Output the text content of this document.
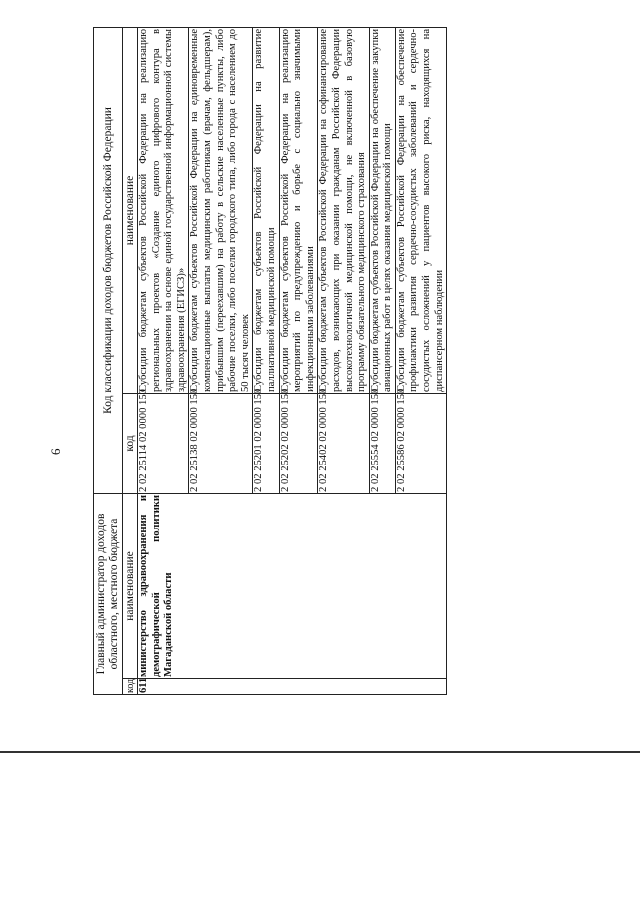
6
Главный администратор доходов областного, местного бюджета		Код классификации доходов бюджетов Российской Федерации	
код	наименование	код	наименование
611	министерство здравоохранения и демографической политики Магаданской области	2 02 25114 02 0000 150	Субсидии бюджетам субъектов Российской Федерации на реализацию региональных проектов «Создание единого цифрового контура в здравоохранении на основе единой государственной информационной системы здравоохранения (ЕГИСЗ)»
		2 02 25138 02 0000 150	Субсидии бюджетам субъектов Российской Федерации на единовременные компенсационные выплаты медицинским работникам (врачам, фельдшерам), прибывшим (переехавшим) на работу в сельские населенные пункты, либо рабочие поселки, либо поселки городского типа, либо города с населением до 50 тысяч человек
		2 02 25201 02 0000 150	Субсидии бюджетам субъектов Российской Федерации на развитие паллиативной медицинской помощи
		2 02 25202 02 0000 150	Субсидии бюджетам субъектов Российской Федерации на реализацию мероприятий по предупреждению и борьбе с социально значимыми инфекционными заболеваниями
		2 02 25402 02 0000 150	Субсидии бюджетам субъектов Российской Федерации на софинансирование расходов, возникающих при оказании гражданам Российской Федерации высокотехнологичной медицинской помощи, не включенной в базовую программу обязательного медицинского страхования
		2 02 25554 02 0000 150	Субсидии бюджетам субъектов Российской Федерации на обеспечение закупки авиационных работ в целях оказания медицинской помощи
		2 02 25586 02 0000 150	Субсидии бюджетам субъектов Российской Федерации на обеспечение профилактики развития сердечно-сосудистых заболеваний и сердечно-сосудистых осложнений у пациентов высокого риска, находящихся на диспансерном наблюдении
